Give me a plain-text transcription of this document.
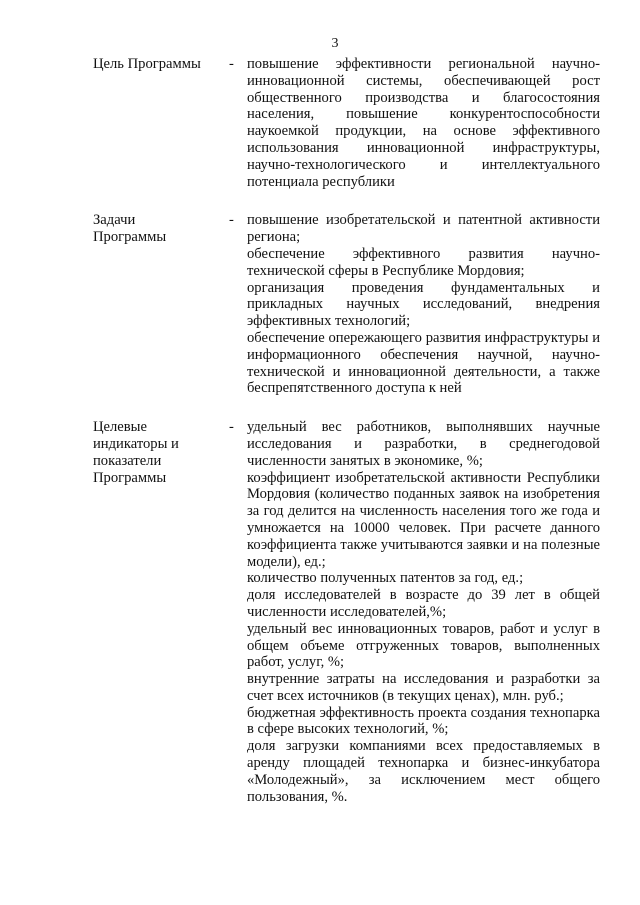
3
Цель Программы	- повышение эффективности региональной научно-инновационной системы, обеспечивающей рост общественного производства и благосостояния населения, повышение конкурентоспособности наукоемкой продукции, на основе эффективного использования инновационной инфраструктуры, научно-технологического и интеллектуального потенциала республики
Задачи
Программы
- повышение изобретательской и патентной активности региона;
обеспечение эффективного развития научно-технической сферы в Республике Мордовия;
организация проведения фундаментальных и прикладных научных исследований, внедрения эффективных технологий;
обеспечение опережающего развития инфраструктуры и информационного обеспечения научной, научно-технической и инновационной деятельности, а также беспрепятственного доступа к ней
Целевые
индикаторы и
показатели
Программы
- удельный вес работников, выполнявших научные исследования и разработки, в среднегодовой численности занятых в экономике, %;
коэффициент изобретательской активности Республики Мордовия (количество поданных заявок на изобретения за год делится на численность населения того же года и умножается на 10000 человек. При расчете данного коэффициента также учитываются заявки и на полезные модели), ед.;
количество полученных патентов за год, ед.;
доля исследователей в возрасте до 39 лет в общей численности исследователей,%;
удельный вес инновационных товаров, работ и услуг в общем объеме отгруженных товаров, выполненных работ, услуг, %;
внутренние затраты на исследования и разработки за счет всех источников (в текущих ценах), млн. руб.;
бюджетная эффективность проекта создания технопарка в сфере высоких технологий, %;
доля загрузки компаниями всех предоставляемых в аренду площадей технопарка и бизнес-инкубатора «Молодежный», за исключением мест общего пользования, %.
